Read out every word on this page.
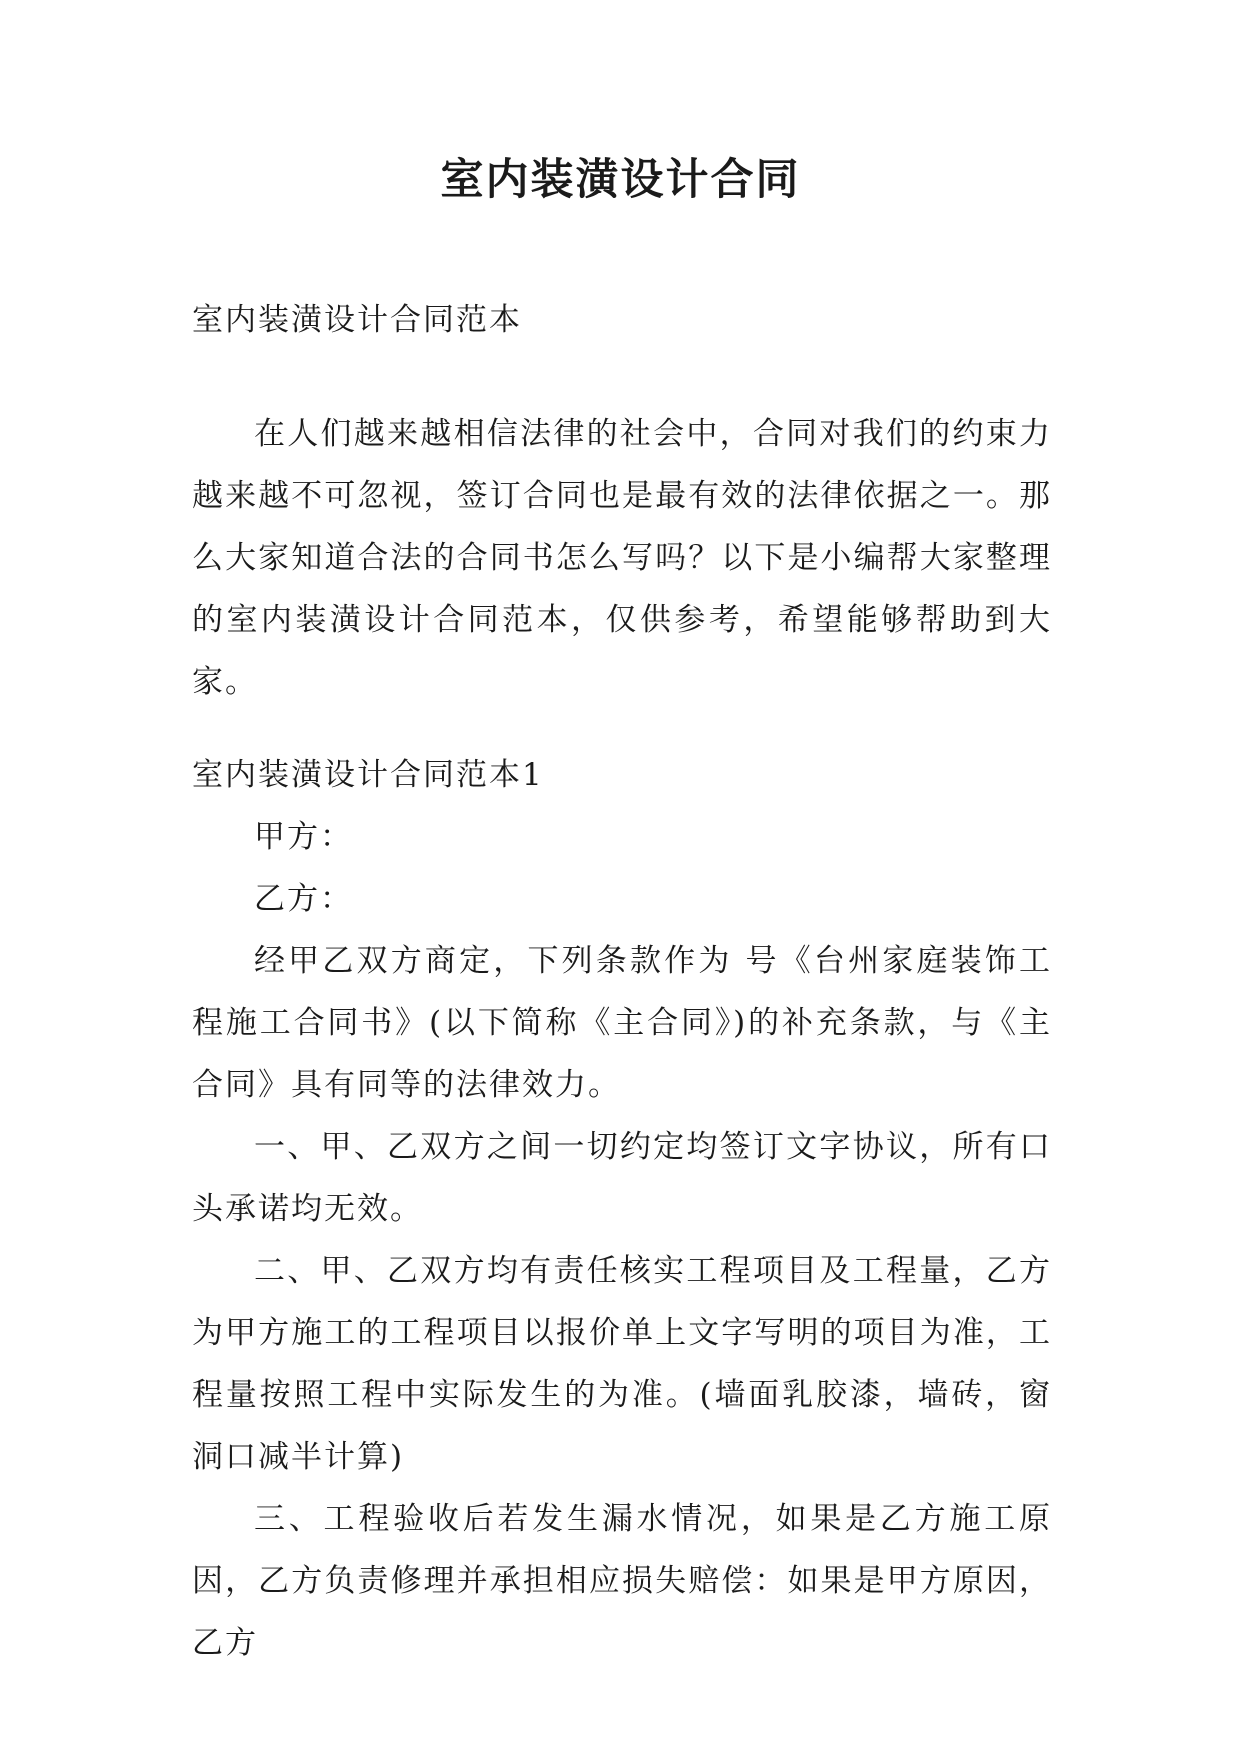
室内装潢设计合同

室内装潢设计合同范本

在人们越来越相信法律的社会中，合同对我们的约束力越来越不可忽视，签订合同也是最有效的法律依据之一。那么大家知道合法的合同书怎么写吗？以下是小编帮大家整理的室内装潢设计合同范本，仅供参考，希望能够帮助到大家。

室内装潢设计合同范本1

甲方：

乙方：

经甲乙双方商定，下列条款作为 号《台州家庭装饰工程施工合同书》(以下简称《主合同》)的补充条款，与《主合同》具有同等的法律效力。

一、甲、乙双方之间一切约定均签订文字协议，所有口头承诺均无效。

二、甲、乙双方均有责任核实工程项目及工程量，乙方为甲方施工的工程项目以报价单上文字写明的项目为准，工程量按照工程中实际发生的为准。(墙面乳胶漆，墙砖，窗洞口减半计算)

三、工程验收后若发生漏水情况，如果是乙方施工原因，乙方负责修理并承担相应损失赔偿：如果是甲方原因，乙方
